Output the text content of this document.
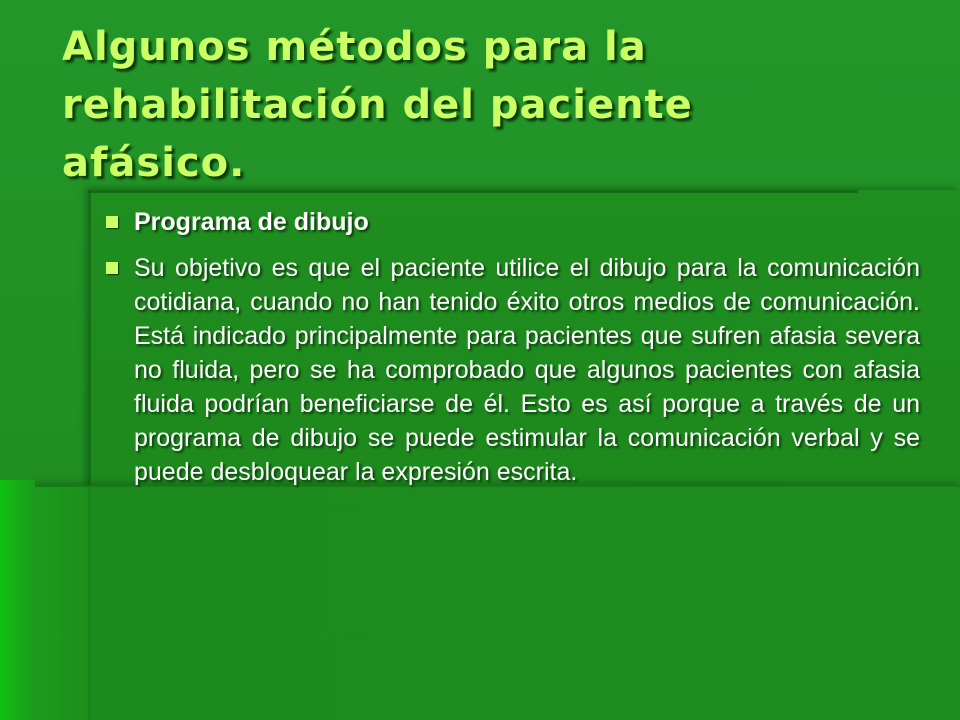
Algunos métodos para la
rehabilitación del paciente
afásico.
Programa de dibujo
Su objetivo es que el paciente utilice el dibujo para la comunicación cotidiana, cuando no han tenido éxito otros medios de comunicación. Está indicado principalmente para pacientes que sufren afasia severa no fluida, pero se ha comprobado que algunos pacientes con afasia fluida podrían beneficiarse de él. Esto es así porque a través de un programa de dibujo se puede estimular la comunicación verbal y se puede desbloquear la expresión escrita.
